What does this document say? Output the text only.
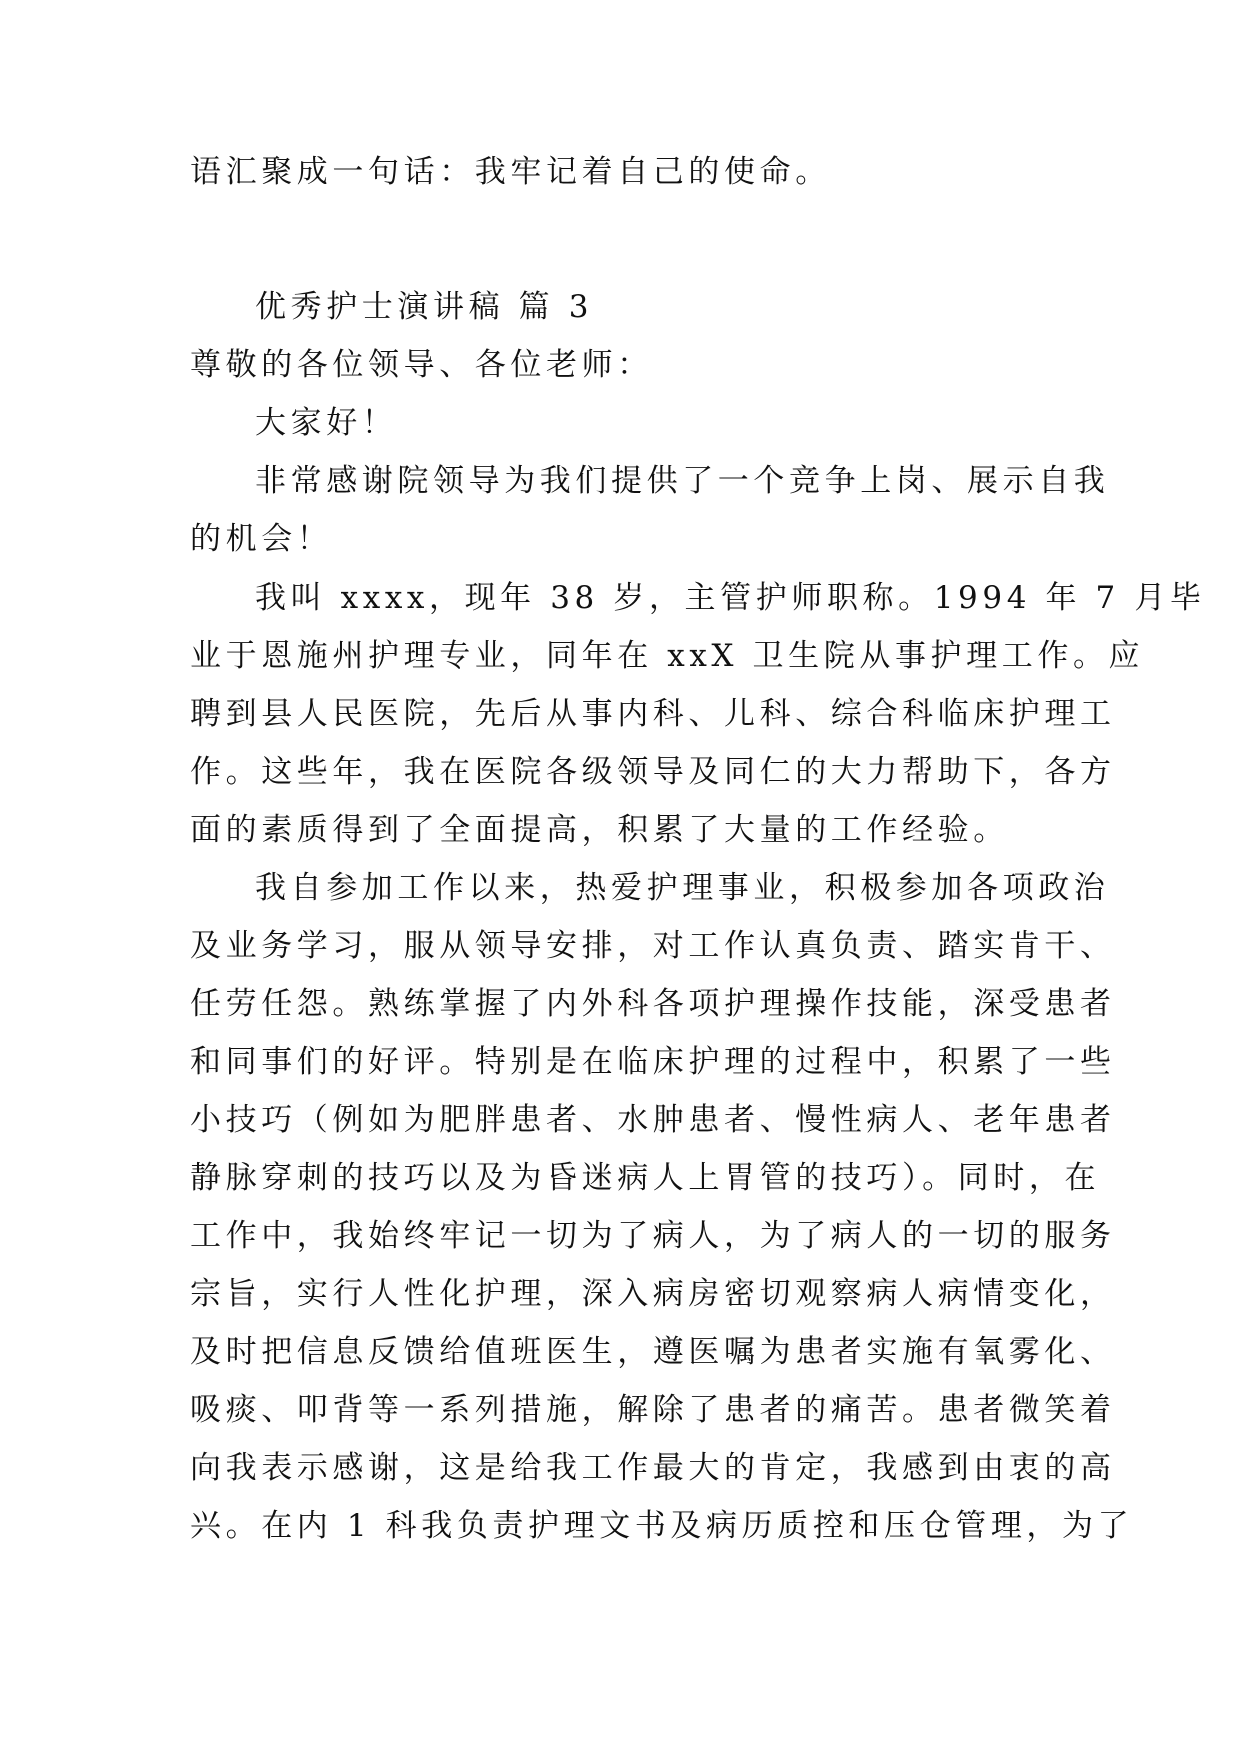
语汇聚成一句话：我牢记着自己的使命。
优秀护士演讲稿 篇 3
尊敬的各位领导、各位老师：
大家好！
非常感谢院领导为我们提供了一个竞争上岗、展示自我
的机会！
我叫 xxxx，现年 38 岁，主管护师职称。1994 年 7 月毕
业于恩施州护理专业，同年在 xxX 卫生院从事护理工作。应
聘到县人民医院，先后从事内科、儿科、综合科临床护理工
作。这些年，我在医院各级领导及同仁的大力帮助下，各方
面的素质得到了全面提高，积累了大量的工作经验。
我自参加工作以来，热爱护理事业，积极参加各项政治
及业务学习，服从领导安排，对工作认真负责、踏实肯干、
任劳任怨。熟练掌握了内外科各项护理操作技能，深受患者
和同事们的好评。特别是在临床护理的过程中，积累了一些
小技巧（例如为肥胖患者、水肿患者、慢性病人、老年患者
静脉穿刺的技巧以及为昏迷病人上胃管的技巧）。同时，在
工作中，我始终牢记一切为了病人，为了病人的一切的服务
宗旨，实行人性化护理，深入病房密切观察病人病情变化，
及时把信息反馈给值班医生，遵医嘱为患者实施有氧雾化、
吸痰、叩背等一系列措施，解除了患者的痛苦。患者微笑着
向我表示感谢，这是给我工作最大的肯定，我感到由衷的高
兴。在内 1 科我负责护理文书及病历质控和压仓管理，为了
